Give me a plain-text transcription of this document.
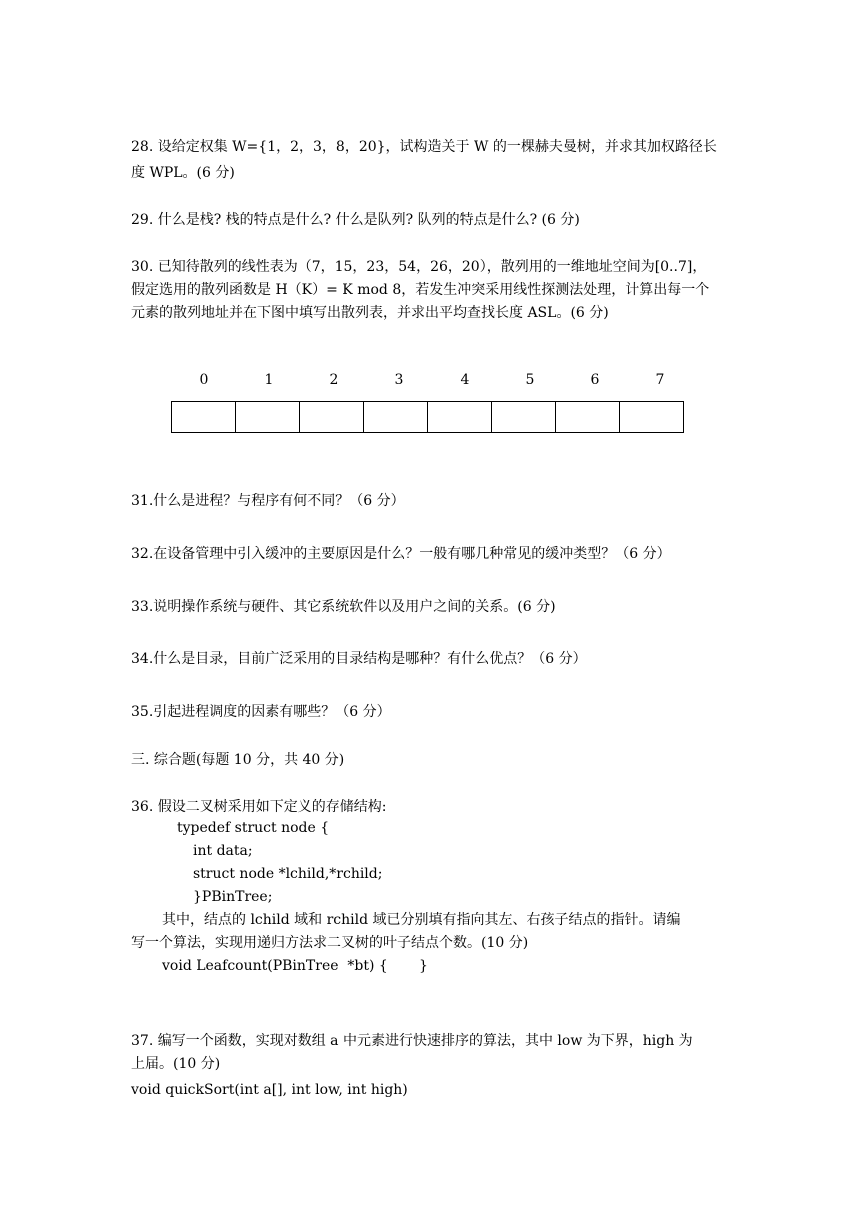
28. 设给定权集 W={1，2，3，8，20}，试构造关于 W 的一棵赫夫曼树，并求其加权路径长
度 WPL。(6 分)
29. 什么是栈? 栈的特点是什么? 什么是队列? 队列的特点是什么? (6 分)
30. 已知待散列的线性表为（7，15，23，54，26，20），散列用的一维地址空间为[0..7]，
假定选用的散列函数是 H（K）= K mod 8，若发生冲突采用线性探测法处理，计算出每一个
元素的散列地址并在下图中填写出散列表，并求出平均查找长度 ASL。(6 分)
0	1	2	3	4	5	6	7

31.什么是进程？与程序有何不同？（6 分）
32.在设备管理中引入缓冲的主要原因是什么？一般有哪几种常见的缓冲类型？（6 分）
33.说明操作系统与硬件、其它系统软件以及用户之间的关系。(6 分)
34.什么是目录，目前广泛采用的目录结构是哪种？有什么优点？（6 分）
35.引起进程调度的因素有哪些？（6 分）
三. 综合题(每题 10 分，共 40 分)
36. 假设二叉树采用如下定义的存储结构:
typedef struct node {
int data;
struct node *lchild,*rchild;
}PBinTree;
其中，结点的 lchild 域和 rchild 域已分别填有指向其左、右孩子结点的指针。请编
写一个算法，实现用递归方法求二叉树的叶子结点个数。(10 分)
void Leafcount(PBinTree  *bt) {       }
37. 编写一个函数，实现对数组 a 中元素进行快速排序的算法，其中 low 为下界，high 为
上届。(10 分)
void quickSort(int a[], int low, int high)
